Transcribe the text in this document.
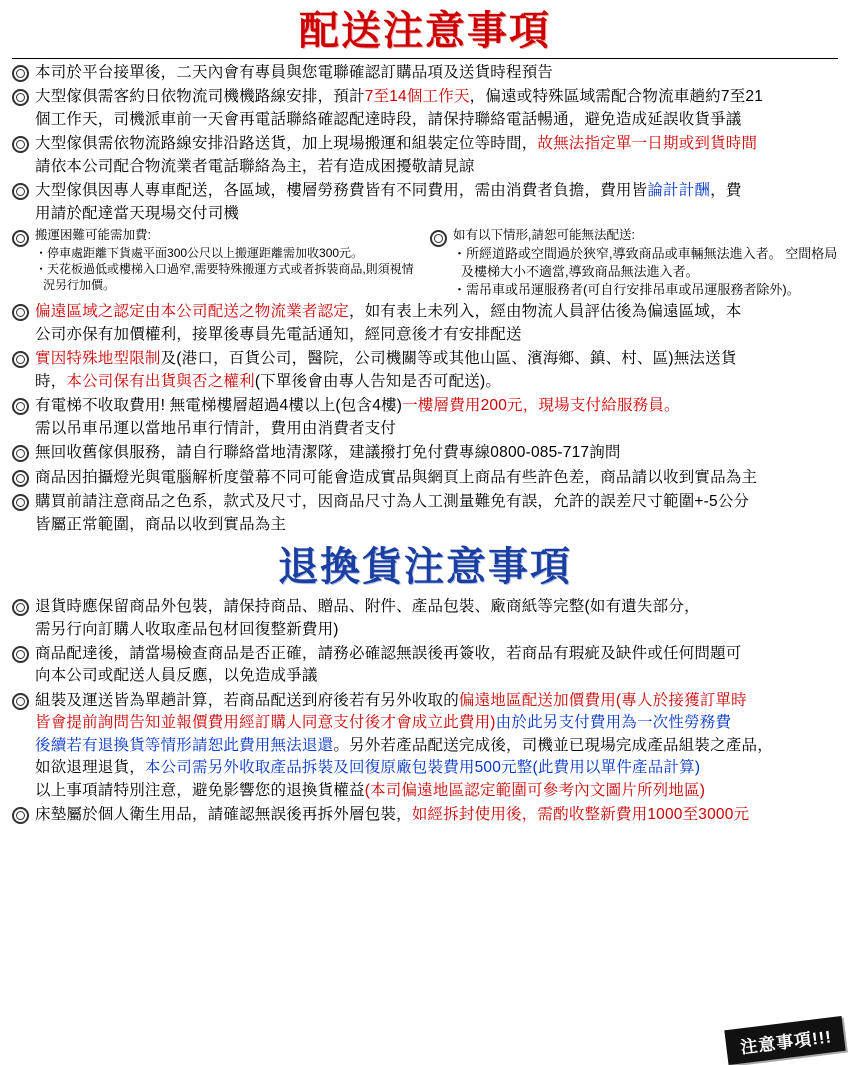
配送注意事項
本司於平台接單後，二天內會有專員與您電聯確認訂購品項及送貨時程預告
大型傢俱需客約日依物流司機機路線安排，預計7至14個工作天，偏遠或特殊區域需配合物流車趟約7至21
個工作天，司機派車前一天會再電話聯絡確認配達時段，請保持聯絡電話暢通，避免造成延誤收貨爭議
大型傢俱需依物流路線安排沿路送貨，加上現場搬運和組裝定位等時間，故無法指定單一日期或到貨時間
請依本公司配合物流業者電話聯絡為主，若有造成困擾敬請見諒
大型傢俱因專人專車配送，各區域，樓層勞務費皆有不同費用，需由消費者負擔，費用皆論計計酬，費
用請於配達當天現場交付司機
搬運困難可能需加費:
・ 停車處距離下貨處平面300公尺以上搬運距離需加收300元。
・ 天花板過低或樓梯入口過窄,需要特殊搬運方式或者拆裝商品,則須視情況另行加價。
如有以下情形,請恕可能無法配送:
・ 所經道路或空間過於狹窄,導致商品或車輛無法進入者。 空間格局及樓梯大小不適當,導致商品無法進入者。
・ 需吊車或吊運服務者(可自行安排吊車或吊運服務者除外)。
偏遠區域之認定由本公司配送之物流業者認定，如有表上未列入，經由物流人員評估後為偏遠區域，本
公司亦保有加價權利，接單後專員先電話通知，經同意後才有安排配送
實因特殊地型限制及(港口，百貨公司，醫院，公司機關等或其他山區、濱海鄉、鎮、村、區)無法送貨
時，本公司保有出貨與否之權利(下單後會由專人告知是否可配送)。
有電梯不收取費用! 無電梯樓層超過4樓以上(包含4樓)一樓層費用200元，現場支付給服務員。
需以吊車吊運以當地吊車行情計，費用由消費者支付
無回收舊傢俱服務，請自行聯絡當地清潔隊，建議撥打免付費專線0800-085-717詢問
商品因拍攝燈光與電腦解析度螢幕不同可能會造成實品與網頁上商品有些許色差，商品請以收到實品為主
購買前請注意商品之色系，款式及尺寸，因商品尺寸為人工測量難免有誤，允許的誤差尺寸範圍+-5公分
皆屬正常範圍，商品以收到實品為主
退換貨注意事項
退貨時應保留商品外包裝，請保持商品、贈品、附件、產品包裝、廠商紙等完整(如有遺失部分，
需另行向訂購人收取產品包材回復整新費用)
商品配達後，請當場檢查商品是否正確，請務必確認無誤後再簽收，若商品有瑕疵及缺件或任何問題可
向本公司或配送人員反應，以免造成爭議
組裝及運送皆為單趟計算，若商品配送到府後若有另外收取的偏遠地區配送加價費用(專人於接獲訂單時
皆會提前詢問告知並報價費用經訂購人同意支付後才會成立此費用)由於此另支付費用為一次性勞務費
後續若有退換貨等情形請恕此費用無法退還。另外若產品配送完成後，司機並已現場完成產品組裝之產品，
如欲退理退貨，本公司需另外收取產品拆裝及回復原廠包裝費用500元整(此費用以單件產品計算)
以上事項請特別注意，避免影響您的退換貨權益(本司偏遠地區認定範圍可參考內文圖片所列地區)
床墊屬於個人衛生用品，請確認無誤後再拆外層包裝，如經拆封使用後，需酌收整新費用1000至3000元
注意事項!!!
